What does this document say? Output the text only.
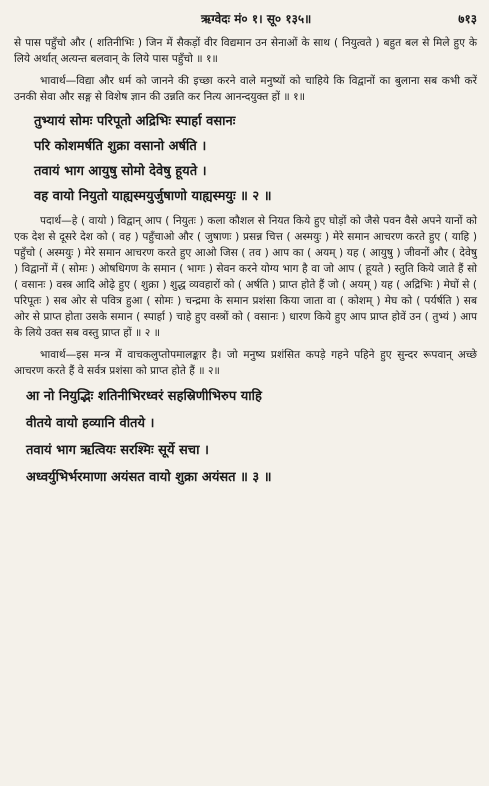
ऋग्वेदः मं० १। सू० १३५॥	७१३

से पास पहुँचो और ( शतिनीभिः ) जिन में सैकड़ों वीर विद्यमान उन सेनाओं के साथ ( नियुत्वते ) बहुत बल से मिले हुए के लिये अर्थात् अत्यन्त बलवान् के लिये पास पहुँचो ॥ १॥

भावार्थ—विद्या और धर्म को जानने की इच्छा करने वाले मनुष्यों को चाहिये कि विद्वानों का बुलाना सब कभी करें उनकी सेवा और सङ्ग से विशेष ज्ञान की उन्नति कर नित्य आनन्दयुक्त हों ॥ १॥

तुभ्यायं सोमः परिपूतो अद्रिभिः स्पार्हा वसानः

परि कोशमर्षति शुक्रा वसानो अर्षति ।

तवायं भाग आयुषु सोमो देवेषु हूयते ।

वह वायो नियुतो याह्यस्मयुर्जुषाणो याह्यस्मयुः ॥ २ ॥

पदार्थ—हे ( वायो ) विद्वान् आप ( नियुतः ) कला कौशल से नियत किये हुए घोड़ों को जैसे पवन वैसे अपने यानों को एक देश से दूसरे देश को ( वह ) पहुँचाओ और ( जुषाणः ) प्रसन्न चित्त ( अस्मयुः ) मेरे समान आचरण करते हुए ( याहि ) पहुँचो ( अस्मयुः ) मेरे समान आचरण करते हुए आओ जिस ( तव ) आप का ( अयम् ) यह ( आयुषु ) जीवनों और ( देवेषु ) विद्वानों में ( सोमः ) ओषधिगण के समान ( भागः ) सेवन करने योग्य भाग है वा जो आप ( हूयते ) स्तुति किये जाते हैं सो ( वसानः ) वस्त्र आदि ओढ़े हुए ( शुक्रा ) शुद्ध व्यवहारों को ( अर्षति ) प्राप्त होते हैं जो ( अयम् ) यह ( अद्रिभिः ) मेघों से ( परिपूतः ) सब ओर से पवित्र हुआ ( सोमः ) चन्द्रमा के समान प्रशंसा किया जाता वा ( कोशम् ) मेघ को ( पर्यर्षति ) सब ओर से प्राप्त होता उसके समान ( स्पार्हा ) चाहे हुए वस्त्रों को ( वसानः ) धारण किये हुए आप प्राप्त होवें उन ( तुभ्यं ) आप के लिये उक्त सब वस्तु प्राप्त हों ॥ २ ॥

भावार्थ—इस मन्त्र में वाचकलुप्तोपमालङ्कार है। जो मनुष्य प्रशंसित कपड़े गहने पहिने हुए सुन्दर रूपवान् अच्छे आचरण करते हैं वे सर्वत्र प्रशंसा को प्राप्त होते हैं ॥ २॥

आ नो नियुद्भिः शतिनीभिरध्वरं सहस्रिणीभिरुप याहि

वीतये वायो हव्यानि वीतये ।

तवायं भाग ऋत्वियः सरश्मिः सूर्ये सचा ।

अध्वर्युभिर्भरमाणा अयंसत वायो शुक्रा अयंसत ॥ ३ ॥
